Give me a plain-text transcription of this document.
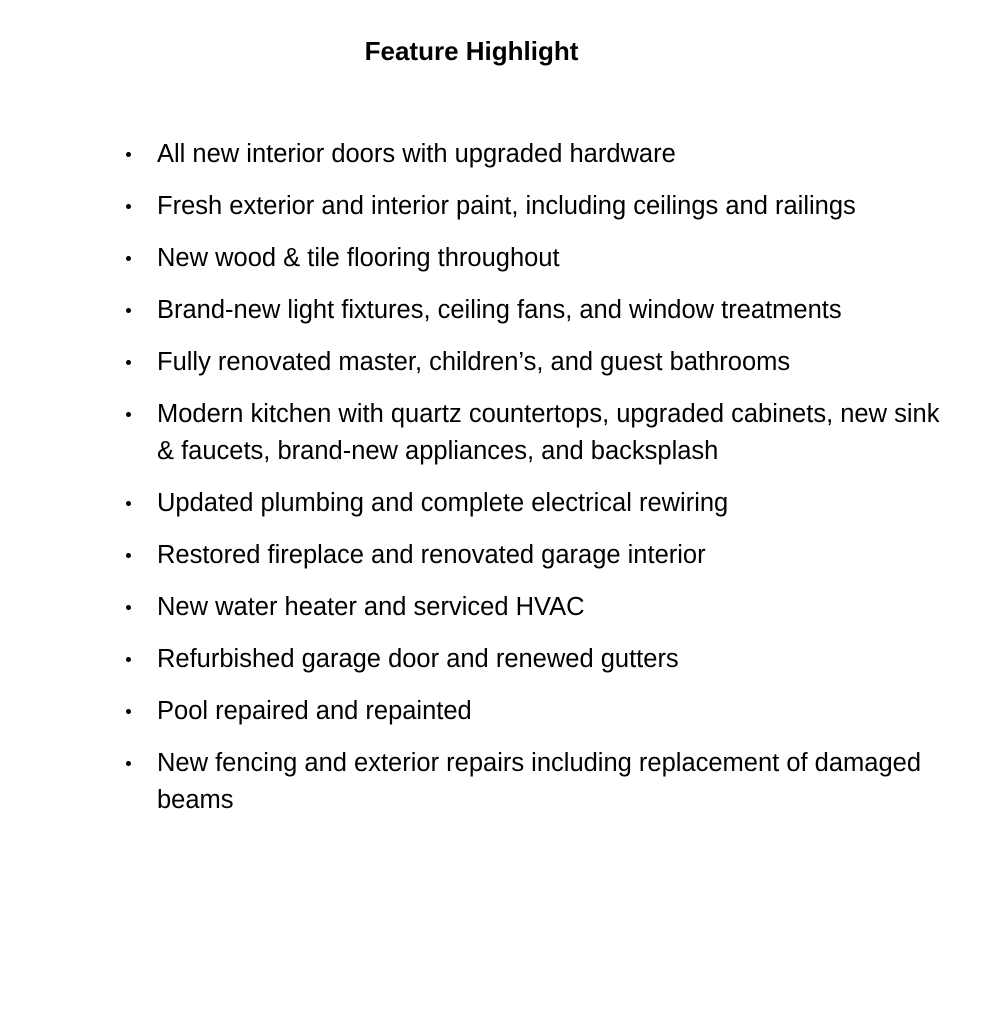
Feature Highlight
All new interior doors with upgraded hardware
Fresh exterior and interior paint, including ceilings and railings
New wood & tile flooring throughout
Brand-new light fixtures, ceiling fans, and window treatments
Fully renovated master, children’s, and guest bathrooms
Modern kitchen with quartz countertops, upgraded cabinets, new sink & faucets, brand-new appliances, and backsplash
Updated plumbing and complete electrical rewiring
Restored fireplace and renovated garage interior
New water heater and serviced HVAC
Refurbished garage door and renewed gutters
Pool repaired and repainted
New fencing and exterior repairs including replacement of damaged beams
